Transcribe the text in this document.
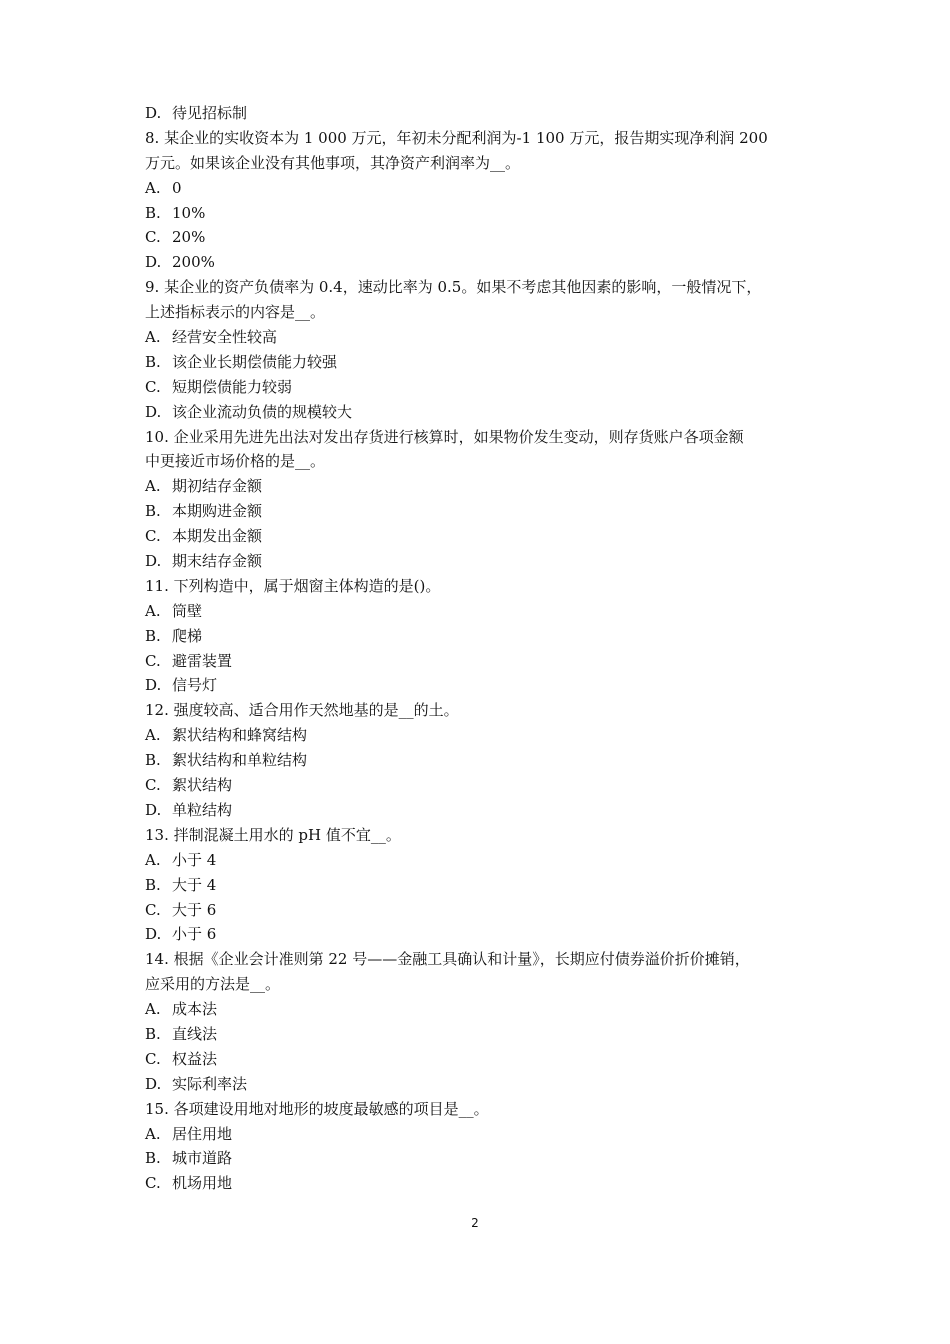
D. 待见招标制
8. 某企业的实收资本为 1 000 万元，年初未分配利润为-1 100 万元，报告期实现净利润 200
万元。如果该企业没有其他事项，其净资产利润率为__。
A. 0
B. 10%
C. 20%
D. 200%
9. 某企业的资产负债率为 0.4，速动比率为 0.5。如果不考虑其他因素的影响，一般情况下，
上述指标表示的内容是__。
A. 经营安全性较高
B. 该企业长期偿债能力较强
C. 短期偿债能力较弱
D. 该企业流动负债的规模较大
10. 企业采用先进先出法对发出存货进行核算时，如果物价发生变动，则存货账户各项金额
中更接近市场价格的是__。
A. 期初结存金额
B. 本期购进金额
C. 本期发出金额
D. 期末结存金额
11. 下列构造中，属于烟窗主体构造的是()。
A. 筒壁
B. 爬梯
C. 避雷装置
D. 信号灯
12. 强度较高、适合用作天然地基的是__的土。
A. 絮状结构和蜂窝结构
B. 絮状结构和单粒结构
C. 絮状结构
D. 单粒结构
13. 拌制混凝土用水的 pH 值不宜__。
A. 小于 4
B. 大于 4
C. 大于 6
D. 小于 6
14. 根据《企业会计准则第 22 号——金融工具确认和计量》，长期应付债券溢价折价摊销，
应采用的方法是__。
A. 成本法
B. 直线法
C. 权益法
D. 实际利率法
15. 各项建设用地对地形的坡度最敏感的项目是__。
A. 居住用地
B. 城市道路
C. 机场用地
2
